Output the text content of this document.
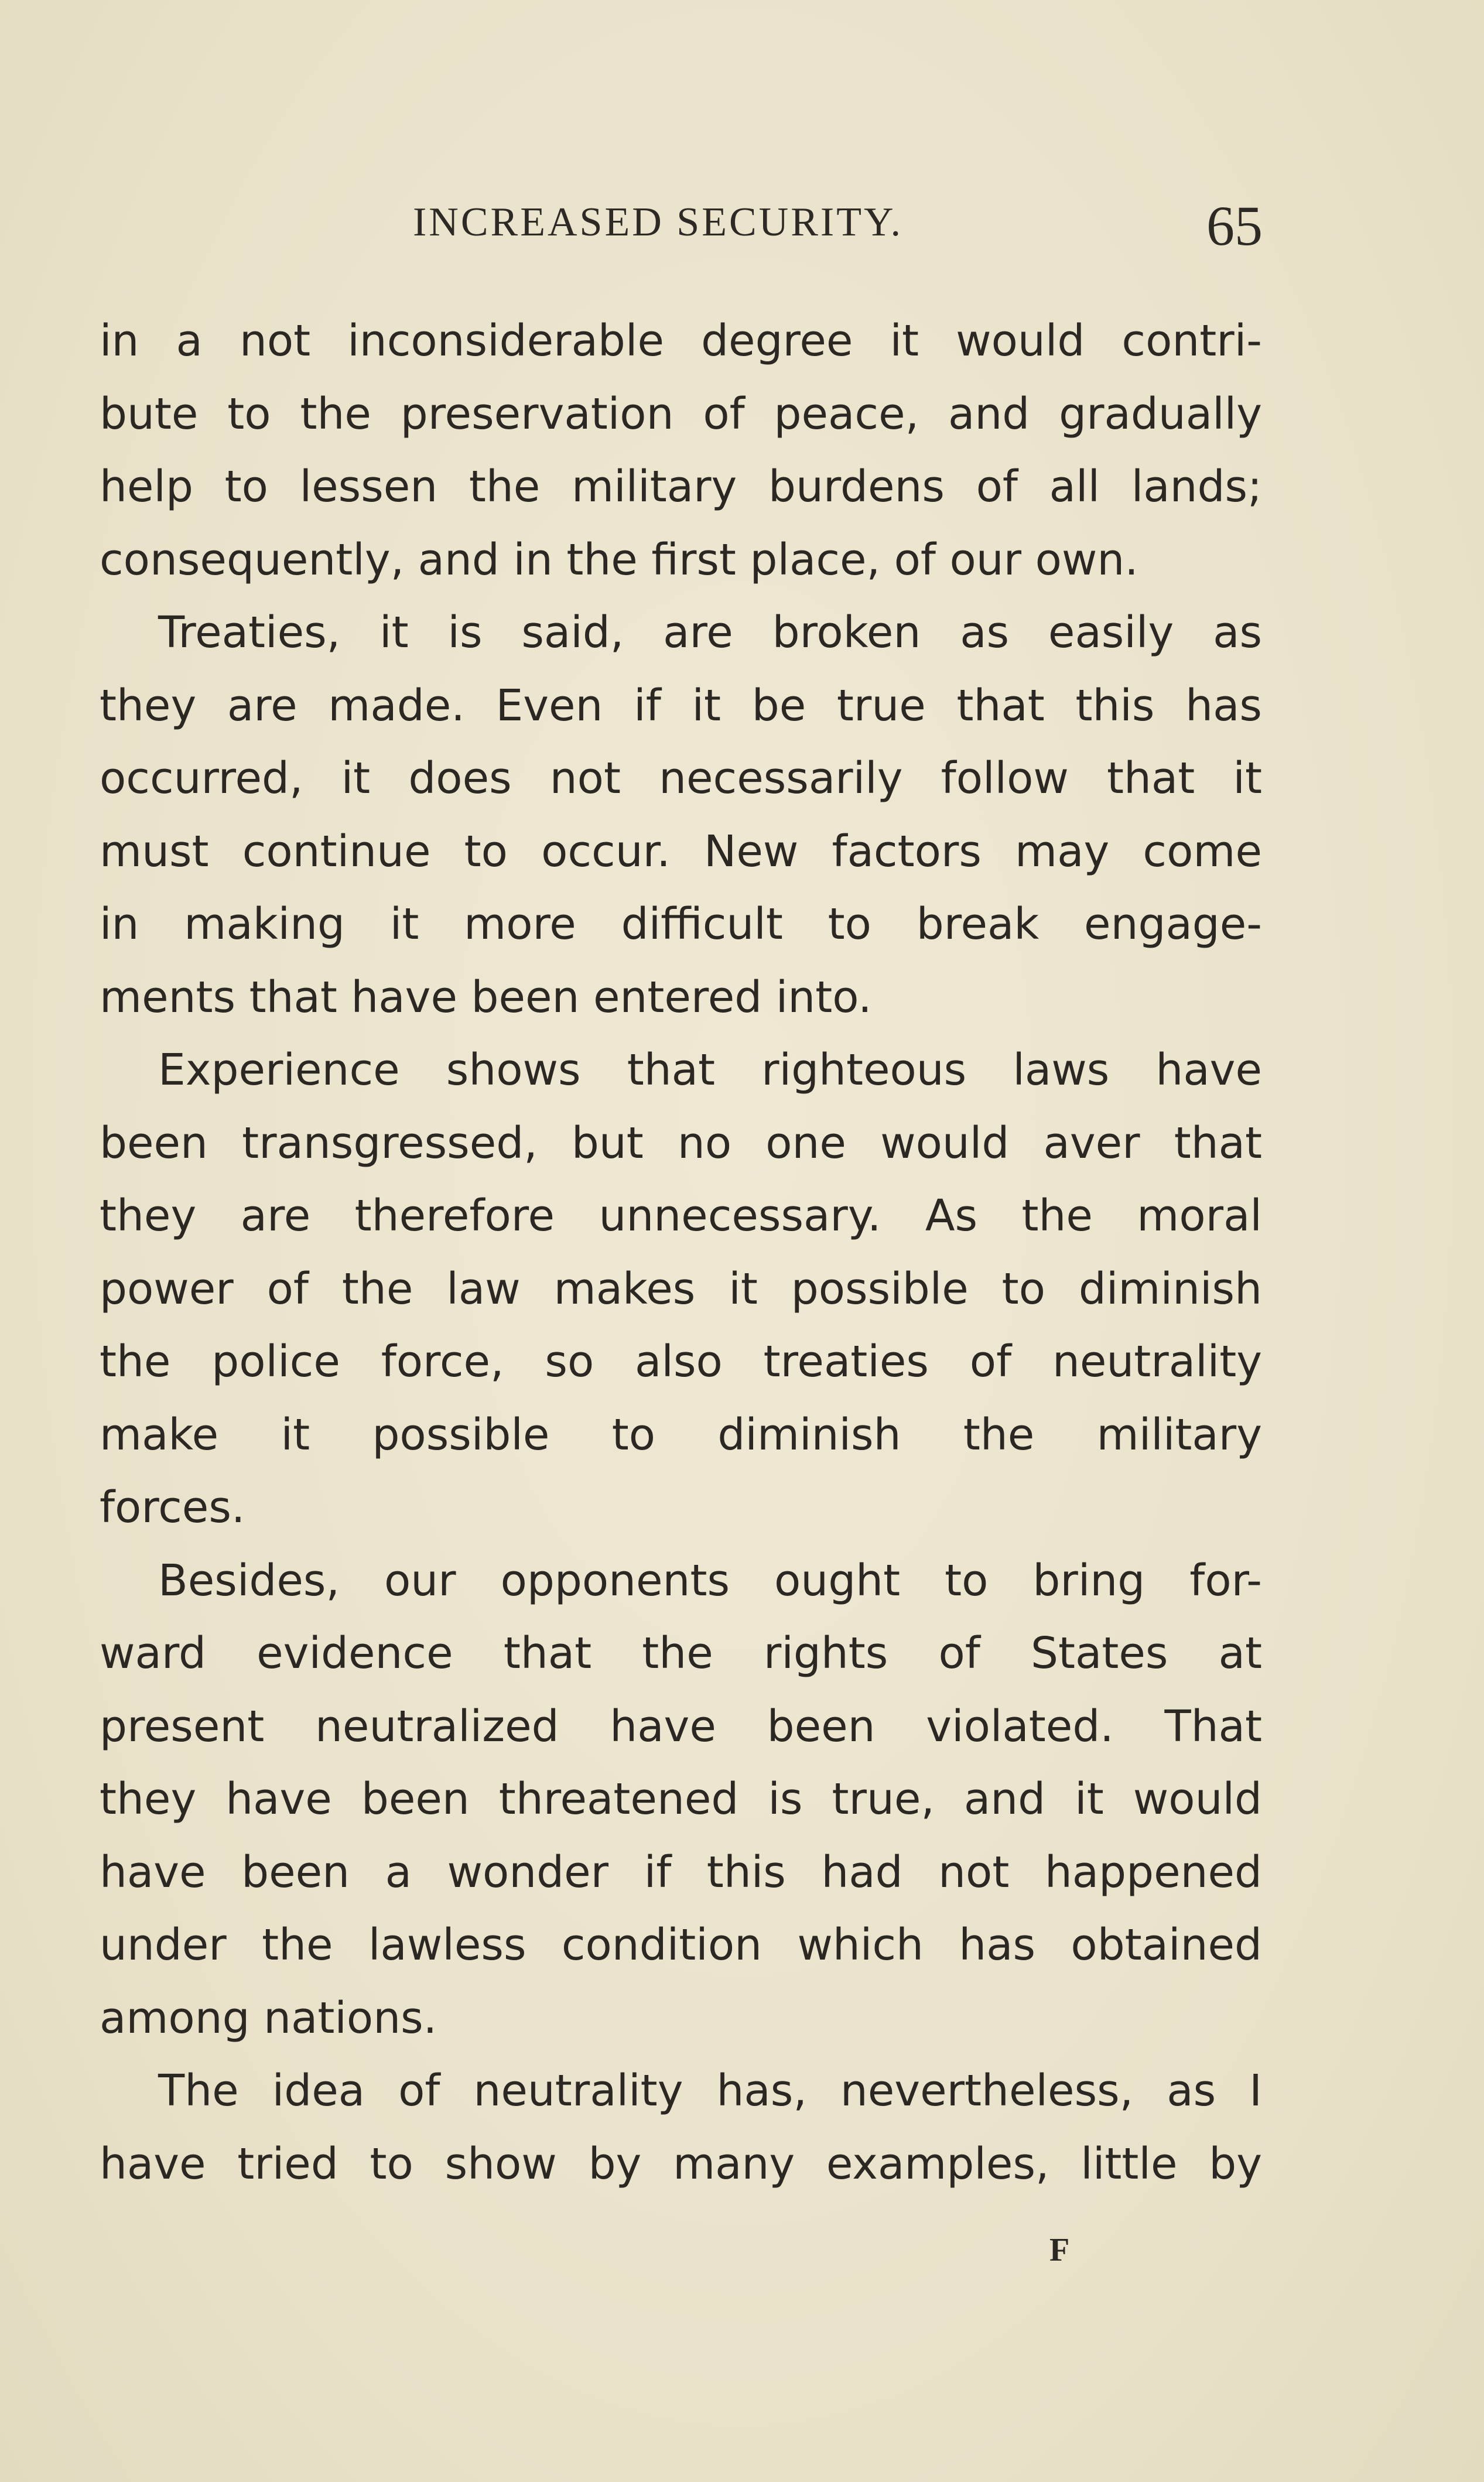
INCREASED SECURITY.	65
in a not inconsiderable degree it would contri-
bute to the preservation of peace, and gradually
help to lessen the military burdens of all lands;
consequently, and in the first place, of our own.
Treaties, it is said, are broken as easily as
they are made. Even if it be true that this has
occurred, it does not necessarily follow that it
must continue to occur. New factors may come
in making it more difficult to break engage-
ments that have been entered into.
Experience shows that righteous laws have
been transgressed, but no one would aver that
they are therefore unnecessary. As the moral
power of the law makes it possible to diminish
the police force, so also treaties of neutrality
make it possible to diminish the military
forces.
Besides, our opponents ought to bring for-
ward evidence that the rights of States at
present neutralized have been violated. That
they have been threatened is true, and it would
have been a wonder if this had not happened
under the lawless condition which has obtained
among nations.
The idea of neutrality has, nevertheless, as I
have tried to show by many examples, little by
F
